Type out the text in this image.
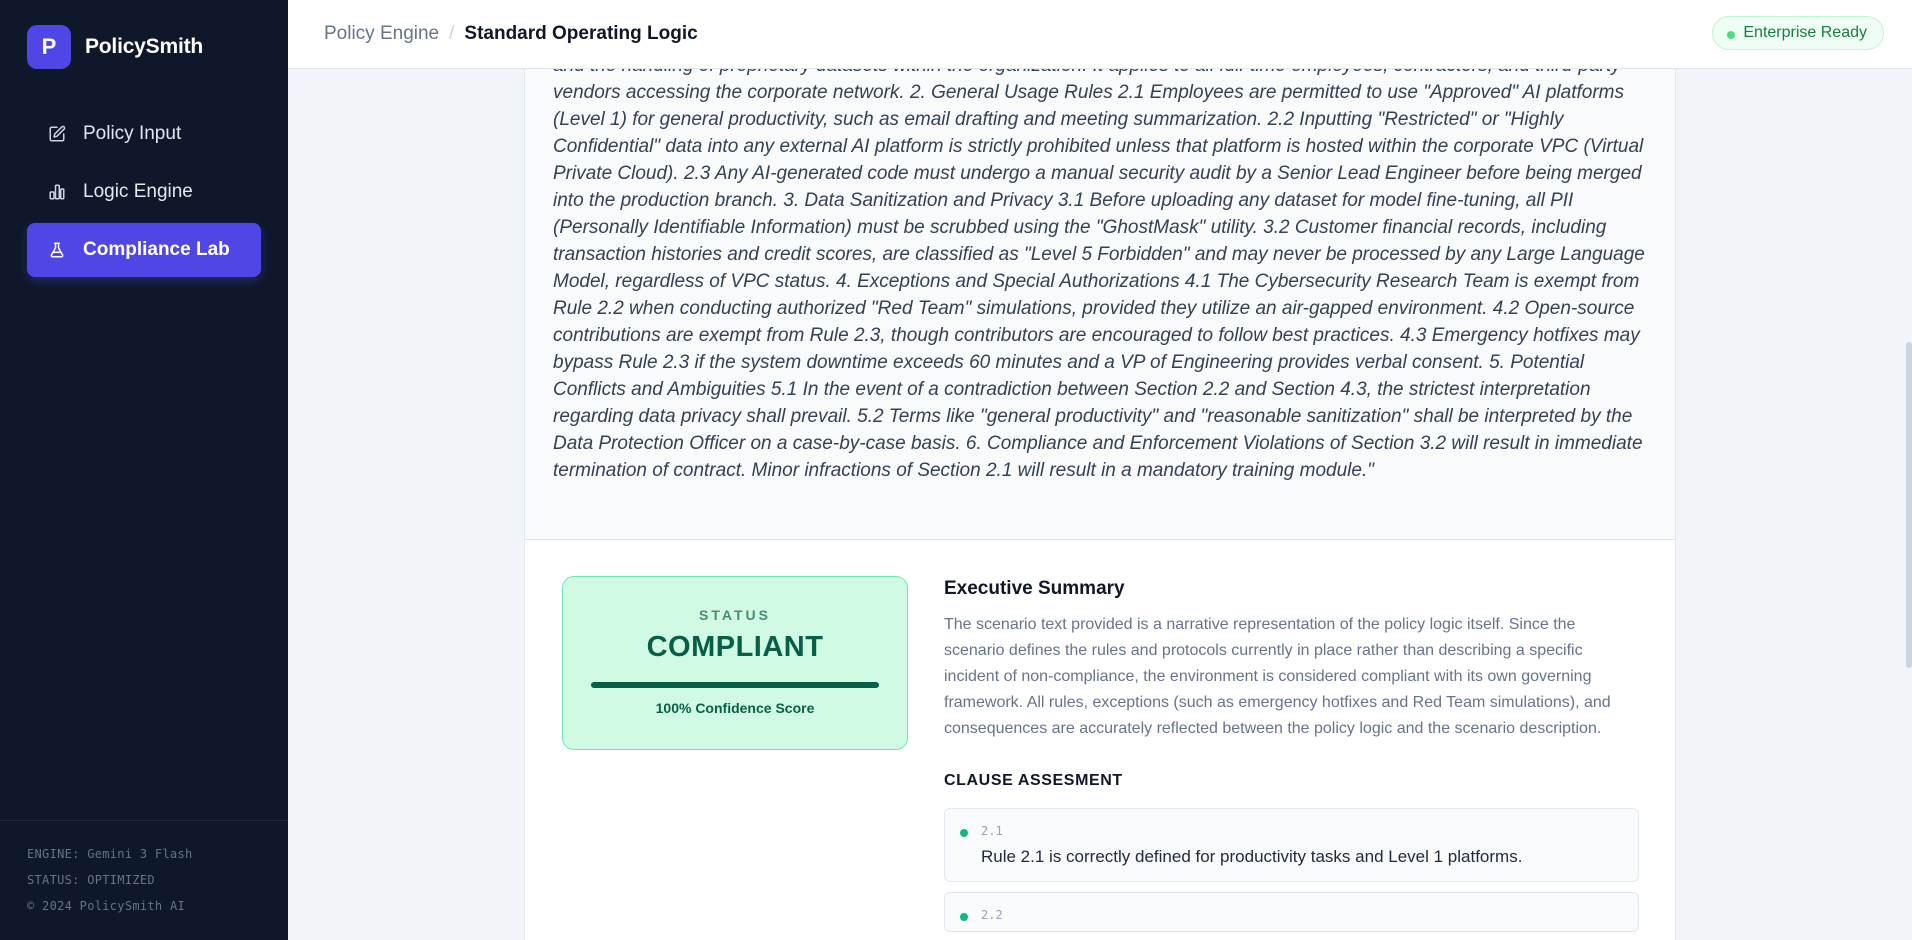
P	PolicySmith
Policy Input
Logic Engine
Compliance Lab
ENGINE: Gemini 3 Flash
STATUS: OPTIMIZED
© 2024 PolicySmith AI
Policy Engine / Standard Operating Logic	Enterprise Ready

vendors accessing the corporate network. 2. General Usage Rules 2.1 Employees are permitted to use "Approved" AI platforms (Level 1) for general productivity, such as email drafting and meeting summarization. 2.2 Inputting "Restricted" or "Highly Confidential" data into any external AI platform is strictly prohibited unless that platform is hosted within the corporate VPC (Virtual Private Cloud). 2.3 Any AI-generated code must undergo a manual security audit by a Senior Lead Engineer before being merged into the production branch. 3. Data Sanitization and Privacy 3.1 Before uploading any dataset for model fine-tuning, all PII (Personally Identifiable Information) must be scrubbed using the "GhostMask" utility. 3.2 Customer financial records, including transaction histories and credit scores, are classified as "Level 5 Forbidden" and may never be processed by any Large Language Model, regardless of VPC status. 4. Exceptions and Special Authorizations 4.1 The Cybersecurity Research Team is exempt from Rule 2.2 when conducting authorized "Red Team" simulations, provided they utilize an air-gapped environment. 4.2 Open-source contributions are exempt from Rule 2.3, though contributors are encouraged to follow best practices. 4.3 Emergency hotfixes may bypass Rule 2.3 if the system downtime exceeds 60 minutes and a VP of Engineering provides verbal consent. 5. Potential Conflicts and Ambiguities 5.1 In the event of a contradiction between Section 2.2 and Section 4.3, the strictest interpretation regarding data privacy shall prevail. 5.2 Terms like "general productivity" and "reasonable sanitization" shall be interpreted by the Data Protection Officer on a case-by-case basis. 6. Compliance and Enforcement Violations of Section 3.2 will result in immediate termination of contract. Minor infractions of Section 2.1 will result in a mandatory training module."

STATUS
COMPLIANT
100% Confidence Score
Executive Summary

The scenario text provided is a narrative representation of the policy logic itself. Since the scenario defines the rules and protocols currently in place rather than describing a specific incident of non-compliance, the environment is considered compliant with its own governing framework. All rules, exceptions (such as emergency hotfixes and Red Team simulations), and consequences are accurately reflected between the policy logic and the scenario description.

CLAUSE ASSESMENT
2.1
Rule 2.1 is correctly defined for productivity tasks and Level 1 platforms.
2.2
